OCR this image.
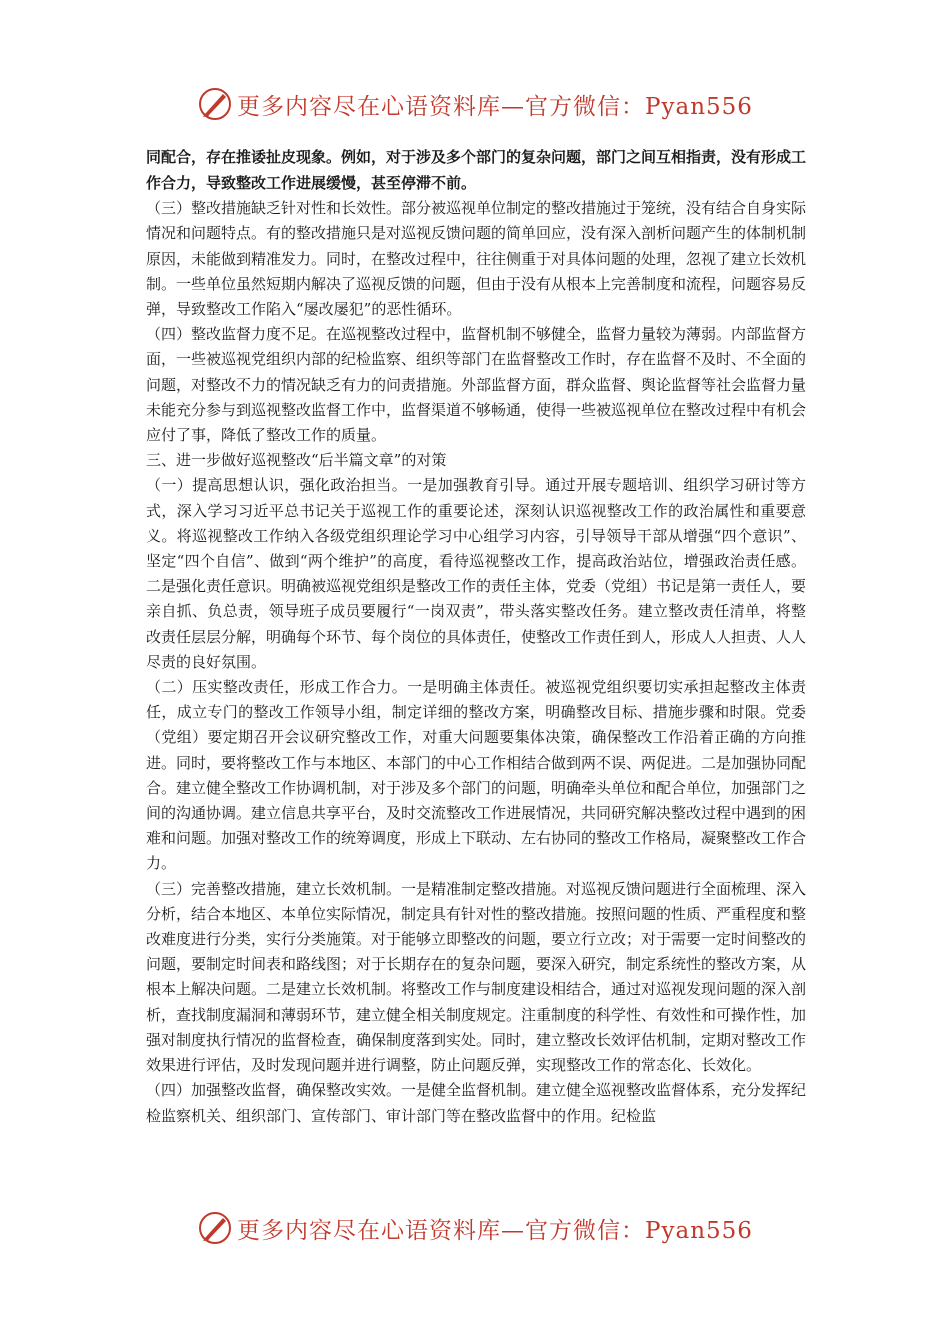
更多内容尽在心语资料库—官方微信：Pyan556

同配合，存在推诿扯皮现象。例如，对于涉及多个部门的复杂问题，部门之间互相指责，没有形成工作合力，导致整改工作进展缓慢，甚至停滞不前。

（三）整改措施缺乏针对性和长效性。部分被巡视单位制定的整改措施过于笼统，没有结合自身实际情况和问题特点。有的整改措施只是对巡视反馈问题的简单回应，没有深入剖析问题产生的体制机制原因，未能做到精准发力。同时，在整改过程中，往往侧重于对具体问题的处理，忽视了建立长效机制。一些单位虽然短期内解决了巡视反馈的问题，但由于没有从根本上完善制度和流程，问题容易反弹，导致整改工作陷入“屡改屡犯”的恶性循环。

（四）整改监督力度不足。在巡视整改过程中，监督机制不够健全，监督力量较为薄弱。内部监督方面，一些被巡视党组织内部的纪检监察、组织等部门在监督整改工作时，存在监督不及时、不全面的问题，对整改不力的情况缺乏有力的问责措施。外部监督方面，群众监督、舆论监督等社会监督力量未能充分参与到巡视整改监督工作中，监督渠道不够畅通，使得一些被巡视单位在整改过程中有机会应付了事，降低了整改工作的质量。

三、进一步做好巡视整改“后半篇文章”的对策

（一）提高思想认识，强化政治担当。一是加强教育引导。通过开展专题培训、组织学习研讨等方式，深入学习习近平总书记关于巡视工作的重要论述，深刻认识巡视整改工作的政治属性和重要意义。将巡视整改工作纳入各级党组织理论学习中心组学习内容，引导领导干部从增强“四个意识”、坚定“四个自信”、做到“两个维护”的高度，看待巡视整改工作，提高政治站位，增强政治责任感。二是强化责任意识。明确被巡视党组织是整改工作的责任主体，党委（党组）书记是第一责任人，要亲自抓、负总责，领导班子成员要履行“一岗双责”，带头落实整改任务。建立整改责任清单，将整改责任层层分解，明确每个环节、每个岗位的具体责任，使整改工作责任到人，形成人人担责、人人尽责的良好氛围。

（二）压实整改责任，形成工作合力。一是明确主体责任。被巡视党组织要切实承担起整改主体责任，成立专门的整改工作领导小组，制定详细的整改方案，明确整改目标、措施步骤和时限。党委（党组）要定期召开会议研究整改工作，对重大问题要集体决策，确保整改工作沿着正确的方向推进。同时，要将整改工作与本地区、本部门的中心工作相结合做到两不误、两促进。二是加强协同配合。建立健全整改工作协调机制，对于涉及多个部门的问题，明确牵头单位和配合单位，加强部门之间的沟通协调。建立信息共享平台，及时交流整改工作进展情况，共同研究解决整改过程中遇到的困难和问题。加强对整改工作的统筹调度，形成上下联动、左右协同的整改工作格局，凝聚整改工作合力。

（三）完善整改措施，建立长效机制。一是精准制定整改措施。对巡视反馈问题进行全面梳理、深入分析，结合本地区、本单位实际情况，制定具有针对性的整改措施。按照问题的性质、严重程度和整改难度进行分类，实行分类施策。对于能够立即整改的问题，要立行立改；对于需要一定时间整改的问题，要制定时间表和路线图；对于长期存在的复杂问题，要深入研究，制定系统性的整改方案，从根本上解决问题。二是建立长效机制。将整改工作与制度建设相结合，通过对巡视发现问题的深入剖析，查找制度漏洞和薄弱环节，建立健全相关制度规定。注重制度的科学性、有效性和可操作性，加强对制度执行情况的监督检查，确保制度落到实处。同时，建立整改长效评估机制，定期对整改工作效果进行评估，及时发现问题并进行调整，防止问题反弹，实现整改工作的常态化、长效化。

（四）加强整改监督，确保整改实效。一是健全监督机制。建立健全巡视整改监督体系，充分发挥纪检监察机关、组织部门、宣传部门、审计部门等在整改监督中的作用。纪检监

更多内容尽在心语资料库—官方微信：Pyan556
